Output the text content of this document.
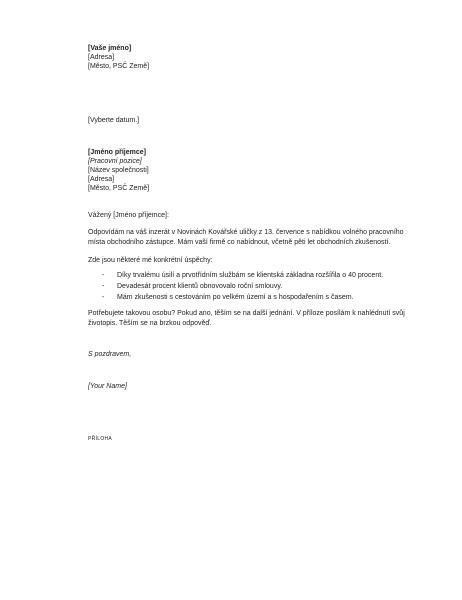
[Vaše jméno]
[Adresa]
[Město, PSČ Země]
[Vyberte datum.]
[Jméno příjemce]
[Pracovní pozice]
[Název společnosti]
[Adresa]
[Město, PSČ Země]

Vážený [Jméno příjemce]:

Odpovídám na váš inzerát v Novinách Kovářské uličky z 13. července s nabídkou volného pracovního
místa obchodního zástupce. Mám vaší firmě co nabídnout, včetně pěti let obchodních zkušeností.

Zde jsou některé mé konkrétní úspěchy:

- Díky trvalému úsilí a prvotřídním službám se klientská základna rozšířila o 40 procent.
- Devadesát procent klientů obnovovalo roční smlouvy.
- Mám zkušenosti s cestováním po velkém území a s hospodařením s časem.
Potřebujete takovou osobu? Pokud ano, těším se na další jednání. V příloze posílám k nahlédnutí svůj
životopis. Těším se na brzkou odpověď.

S pozdravem,

[Your Name]

PŘÍLOHA
